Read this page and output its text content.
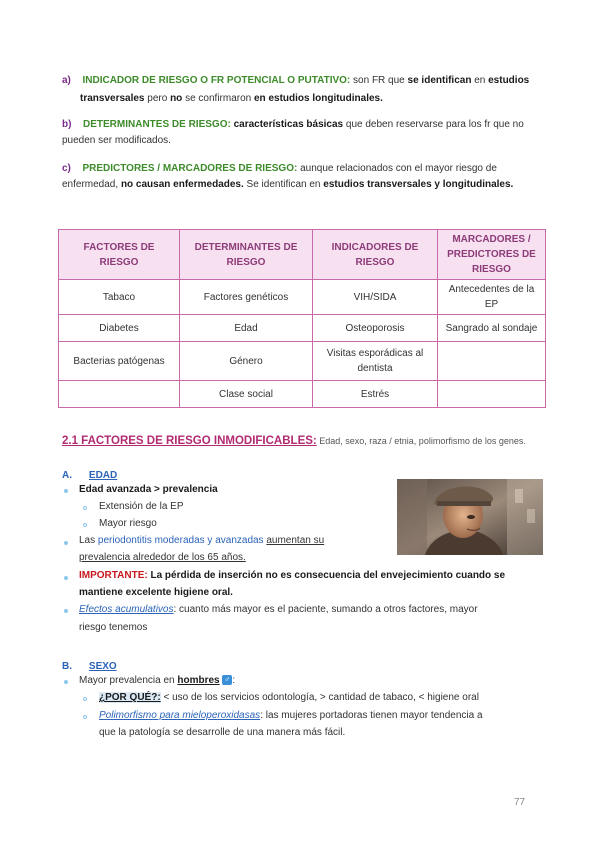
a) INDICADOR DE RIESGO O FR POTENCIAL O PUTATIVO: son FR que se identifican en estudios
transversales pero no se confirmaron en estudios longitudinales.
b) DETERMINANTES DE RIESGO: características básicas que deben reservarse para los fr que no pueden ser modificados.
c) PREDICTORES / MARCADORES DE RIESGO: aunque relacionados con el mayor riesgo de enfermedad, no causan enfermedades. Se identifican en estudios transversales y longitudinales.
FACTORES DE RIESGO	DETERMINANTES DE RIESGO	INDICADORES DE RIESGO	MARCADORES / PREDICTORES DE RIESGO
Tabaco	Factores genéticos	VIH/SIDA	Antecedentes de la EP
Diabetes	Edad	Osteoporosis	Sangrado al sondaje
Bacterias patógenas	Género	Visitas esporádicas al dentista	
	Clase social	Estrés	
2.1 FACTORES DE RIESGO INMODIFICABLES: Edad, sexo, raza / etnia, polimorfismo de los genes.
A. EDAD
Edad avanzada > prevalencia
Extensión de la EP
Mayor riesgo
Las periodontitis moderadas y avanzadas aumentan su
prevalencia alrededor de los 65 años.
IMPORTANTE: La pérdida de inserción no es consecuencia del envejecimiento cuando se
mantiene excelente higiene oral.
Efectos acumulativos: cuanto más mayor es el paciente, sumando a otros factores, mayor
riesgo tenemos
B. SEXO
Mayor prevalencia en hombres ♂ :
¿POR QUÉ?: < uso de los servicios odontología, > cantidad de tabaco, < higiene oral
Polimorfismo para mieloperoxidasas: las mujeres portadoras tienen mayor tendencia a
que la patología se desarrolle de una manera más fácil.
77
